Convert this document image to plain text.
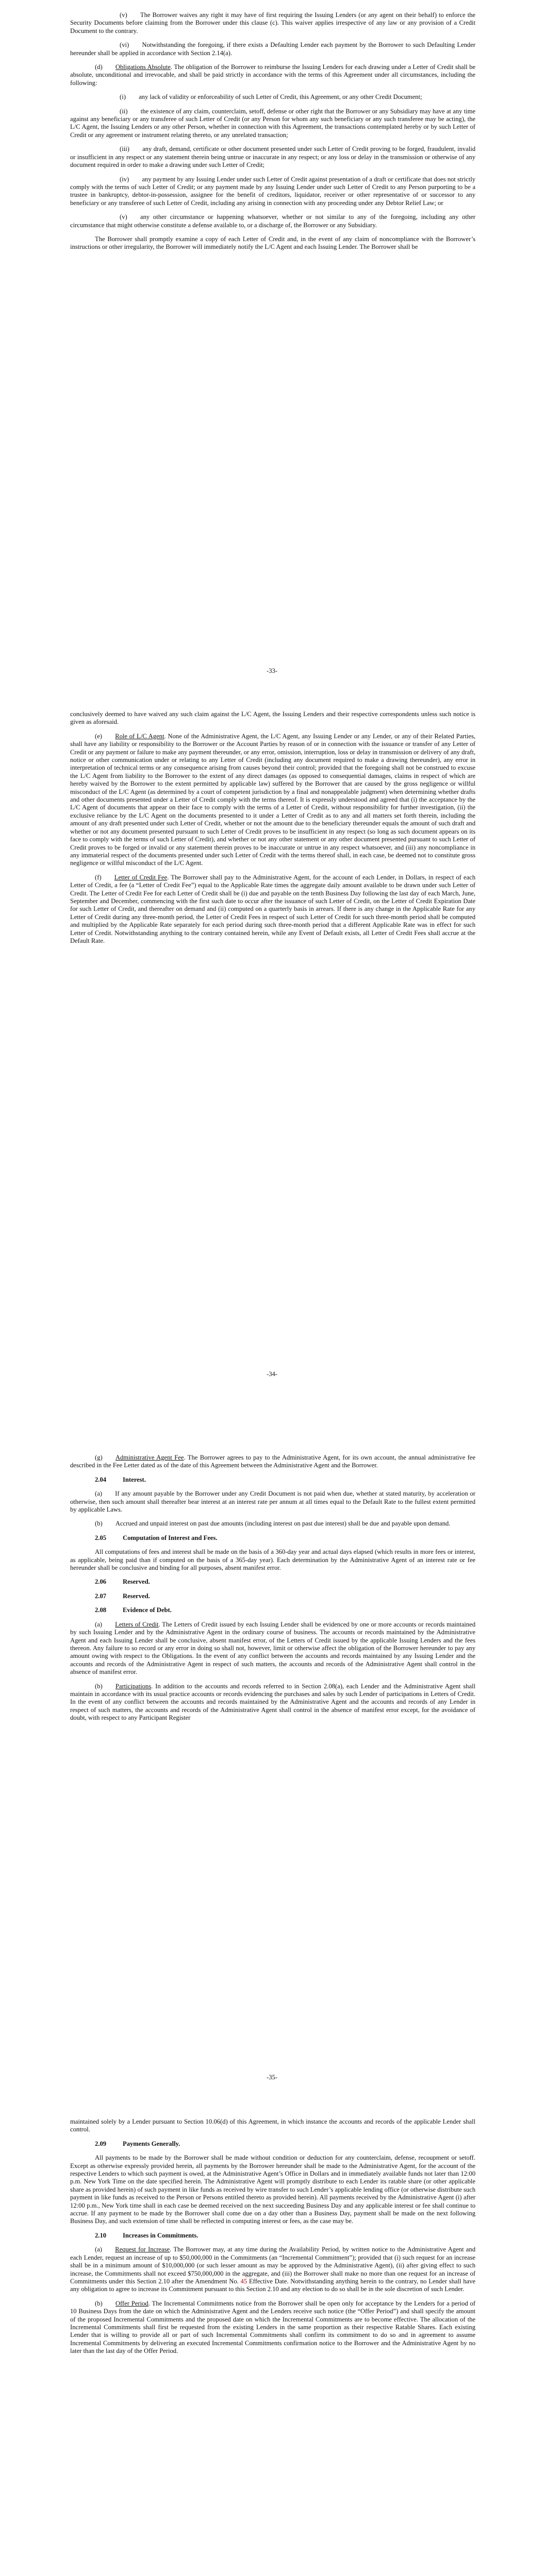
(v)  The Borrower waives any right it may have of first requiring the Issuing Lenders (or any agent on their behalf) to enforce the Security Documents before claiming from the Borrower under this clause (c). This waiver applies irrespective of any law or any provision of a Credit Document to the contrary.

(vi)  Notwithstanding the foregoing, if there exists a Defaulting Lender each payment by the Borrower to such Defaulting Lender hereunder shall be applied in accordance with Section 2.14(a).

(d)  Obligations Absolute. The obligation of the Borrower to reimburse the Issuing Lenders for each drawing under a Letter of Credit shall be absolute, unconditional and irrevocable, and shall be paid strictly in accordance with the terms of this Agreement under all circumstances, including the following:

(i)  any lack of validity or enforceability of such Letter of Credit, this Agreement, or any other Credit Document;

(ii)  the existence of any claim, counterclaim, setoff, defense or other right that the Borrower or any Subsidiary may have at any time against any beneficiary or any transferee of such Letter of Credit (or any Person for whom any such beneficiary or any such transferee may be acting), the L/C Agent, the Issuing Lenders or any other Person, whether in connection with this Agreement, the transactions contemplated hereby or by such Letter of Credit or any agreement or instrument relating thereto, or any unrelated transaction;

(iii)  any draft, demand, certificate or other document presented under such Letter of Credit proving to be forged, fraudulent, invalid or insufficient in any respect or any statement therein being untrue or inaccurate in any respect; or any loss or delay in the transmission or otherwise of any document required in order to make a drawing under such Letter of Credit;

(iv)  any payment by any Issuing Lender under such Letter of Credit against presentation of a draft or certificate that does not strictly comply with the terms of such Letter of Credit; or any payment made by any Issuing Lender under such Letter of Credit to any Person purporting to be a trustee in bankruptcy, debtor-in-possession, assignee for the benefit of creditors, liquidator, receiver or other representative of or successor to any beneficiary or any transferee of such Letter of Credit, including any arising in connection with any proceeding under any Debtor Relief Law; or

(v)  any other circumstance or happening whatsoever, whether or not similar to any of the foregoing, including any other circumstance that might otherwise constitute a defense available to, or a discharge of, the Borrower or any Subsidiary.

The Borrower shall promptly examine a copy of each Letter of Credit and, in the event of any claim of noncompliance with the Borrower’s instructions or other irregularity, the Borrower will immediately notify the L/C Agent and each Issuing Lender. The Borrower shall be

-33-

conclusively deemed to have waived any such claim against the L/C Agent, the Issuing Lenders and their respective correspondents unless such notice is given as aforesaid.

(e)  Role of L/C Agent. None of the Administrative Agent, the L/C Agent, any Issuing Lender or any Lender, or any of their Related Parties, shall have any liability or responsibility to the Borrower or the Account Parties by reason of or in connection with the issuance or transfer of any Letter of Credit or any payment or failure to make any payment thereunder, or any error, omission, interruption, loss or delay in transmission or delivery of any draft, notice or other communication under or relating to any Letter of Credit (including any document required to make a drawing thereunder), any error in interpretation of technical terms or any consequence arising from causes beyond their control; provided that the foregoing shall not be construed to excuse the L/C Agent from liability to the Borrower to the extent of any direct damages (as opposed to consequential damages, claims in respect of which are hereby waived by the Borrower to the extent permitted by applicable law) suffered by the Borrower that are caused by the gross negligence or willful misconduct of the L/C Agent (as determined by a court of competent jurisdiction by a final and nonappealable judgment) when determining whether drafts and other documents presented under a Letter of Credit comply with the terms thereof. It is expressly understood and agreed that (i) the acceptance by the L/C Agent of documents that appear on their face to comply with the terms of a Letter of Credit, without responsibility for further investigation, (ii) the exclusive reliance by the L/C Agent on the documents presented to it under a Letter of Credit as to any and all matters set forth therein, including the amount of any draft presented under such Letter of Credit, whether or not the amount due to the beneficiary thereunder equals the amount of such draft and whether or not any document presented pursuant to such Letter of Credit proves to be insufficient in any respect (so long as such document appears on its face to comply with the terms of such Letter of Credit), and whether or not any other statement or any other document presented pursuant to such Letter of Credit proves to be forged or invalid or any statement therein proves to be inaccurate or untrue in any respect whatsoever, and (iii) any noncompliance in any immaterial respect of the documents presented under such Letter of Credit with the terms thereof shall, in each case, be deemed not to constitute gross negligence or willful misconduct of the L/C Agent.

(f)  Letter of Credit Fee. The Borrower shall pay to the Administrative Agent, for the account of each Lender, in Dollars, in respect of each Letter of Credit, a fee (a “Letter of Credit Fee”) equal to the Applicable Rate times the aggregate daily amount available to be drawn under such Letter of Credit. The Letter of Credit Fee for each Letter of Credit shall be (i) due and payable on the tenth Business Day following the last day of each March, June, September and December, commencing with the first such date to occur after the issuance of such Letter of Credit, on the Letter of Credit Expiration Date for such Letter of Credit, and thereafter on demand and (ii) computed on a quarterly basis in arrears. If there is any change in the Applicable Rate for any Letter of Credit during any three-month period, the Letter of Credit Fees in respect of such Letter of Credit for such three-month period shall be computed and multiplied by the Applicable Rate separately for each period during such three-month period that a different Applicable Rate was in effect for such Letter of Credit. Notwithstanding anything to the contrary contained herein, while any Event of Default exists, all Letter of Credit Fees shall accrue at the Default Rate.

-34-

(g)  Administrative Agent Fee. The Borrower agrees to pay to the Administrative Agent, for its own account, the annual administrative fee described in the Fee Letter dated as of the date of this Agreement between the Administrative Agent and the Borrower.

2.04	Interest.

(a)  If any amount payable by the Borrower under any Credit Document is not paid when due, whether at stated maturity, by acceleration or otherwise, then such amount shall thereafter bear interest at an interest rate per annum at all times equal to the Default Rate to the fullest extent permitted by applicable Laws.

(b)  Accrued and unpaid interest on past due amounts (including interest on past due interest) shall be due and payable upon demand.

2.05	Computation of Interest and Fees.

All computations of fees and interest shall be made on the basis of a 360-day year and actual days elapsed (which results in more fees or interest, as applicable, being paid than if computed on the basis of a 365-day year). Each determination by the Administrative Agent of an interest rate or fee hereunder shall be conclusive and binding for all purposes, absent manifest error.

2.06	Reserved.

2.07	Reserved.

2.08	Evidence of Debt.

(a)  Letters of Credit. The Letters of Credit issued by each Issuing Lender shall be evidenced by one or more accounts or records maintained by such Issuing Lender and by the Administrative Agent in the ordinary course of business. The accounts or records maintained by the Administrative Agent and each Issuing Lender shall be conclusive, absent manifest error, of the Letters of Credit issued by the applicable Issuing Lenders and the fees thereon. Any failure to so record or any error in doing so shall not, however, limit or otherwise affect the obligation of the Borrower hereunder to pay any amount owing with respect to the Obligations. In the event of any conflict between the accounts and records maintained by any Issuing Lender and the accounts and records of the Administrative Agent in respect of such matters, the accounts and records of the Administrative Agent shall control in the absence of manifest error.

(b)  Participations. In addition to the accounts and records referred to in Section 2.08(a), each Lender and the Administrative Agent shall maintain in accordance with its usual practice accounts or records evidencing the purchases and sales by such Lender of participations in Letters of Credit. In the event of any conflict between the accounts and records maintained by the Administrative Agent and the accounts and records of any Lender in respect of such matters, the accounts and records of the Administrative Agent shall control in the absence of manifest error except, for the avoidance of doubt, with respect to any Participant Register

-35-

maintained solely by a Lender pursuant to Section 10.06(d) of this Agreement, in which instance the accounts and records of the applicable Lender shall control.

2.09	Payments Generally.

All payments to be made by the Borrower shall be made without condition or deduction for any counterclaim, defense, recoupment or setoff. Except as otherwise expressly provided herein, all payments by the Borrower hereunder shall be made to the Administrative Agent, for the account of the respective Lenders to which such payment is owed, at the Administrative Agent’s Office in Dollars and in immediately available funds not later than 12:00 p.m. New York Time on the date specified herein. The Administrative Agent will promptly distribute to each Lender its ratable share (or other applicable share as provided herein) of such payment in like funds as received by wire transfer to such Lender’s applicable lending office (or otherwise distribute such payment in like funds as received to the Person or Persons entitled thereto as provided herein). All payments received by the Administrative Agent (i) after 12:00 p.m., New York time shall in each case be deemed received on the next succeeding Business Day and any applicable interest or fee shall continue to accrue. If any payment to be made by the Borrower shall come due on a day other than a Business Day, payment shall be made on the next following Business Day, and such extension of time shall be reflected in computing interest or fees, as the case may be.

2.10	Increases in Commitments.

(a)  Request for Increase. The Borrower may, at any time during the Availability Period, by written notice to the Administrative Agent and each Lender, request an increase of up to $50,000,000 in the Commitments (an “Incremental Commitment”); provided that (i) such request for an increase shall be in a minimum amount of $10,000,000 (or such lesser amount as may be approved by the Administrative Agent), (ii) after giving effect to such increase, the Commitments shall not exceed $750,000,000 in the aggregate, and (iii) the Borrower shall make no more than one request for an increase of Commitments under this Section 2.10 after the Amendment No. 45 Effective Date. Notwithstanding anything herein to the contrary, no Lender shall have any obligation to agree to increase its Commitment pursuant to this Section 2.10 and any election to do so shall be in the sole discretion of such Lender.

(b)  Offer Period. The Incremental Commitments notice from the Borrower shall be open only for acceptance by the Lenders for a period of 10 Business Days from the date on which the Administrative Agent and the Lenders receive such notice (the “Offer Period”) and shall specify the amount of the proposed Incremental Commitments and the proposed date on which the Incremental Commitments are to become effective. The allocation of the Incremental Commitments shall first be requested from the existing Lenders in the same proportion as their respective Ratable Shares. Each existing Lender that is willing to provide all or part of such Incremental Commitments shall confirm its commitment to do so and in agreement to assume Incremental Commitments by delivering an executed Incremental Commitments confirmation notice to the Borrower and the Administrative Agent by no later than the last day of the Offer Period.
